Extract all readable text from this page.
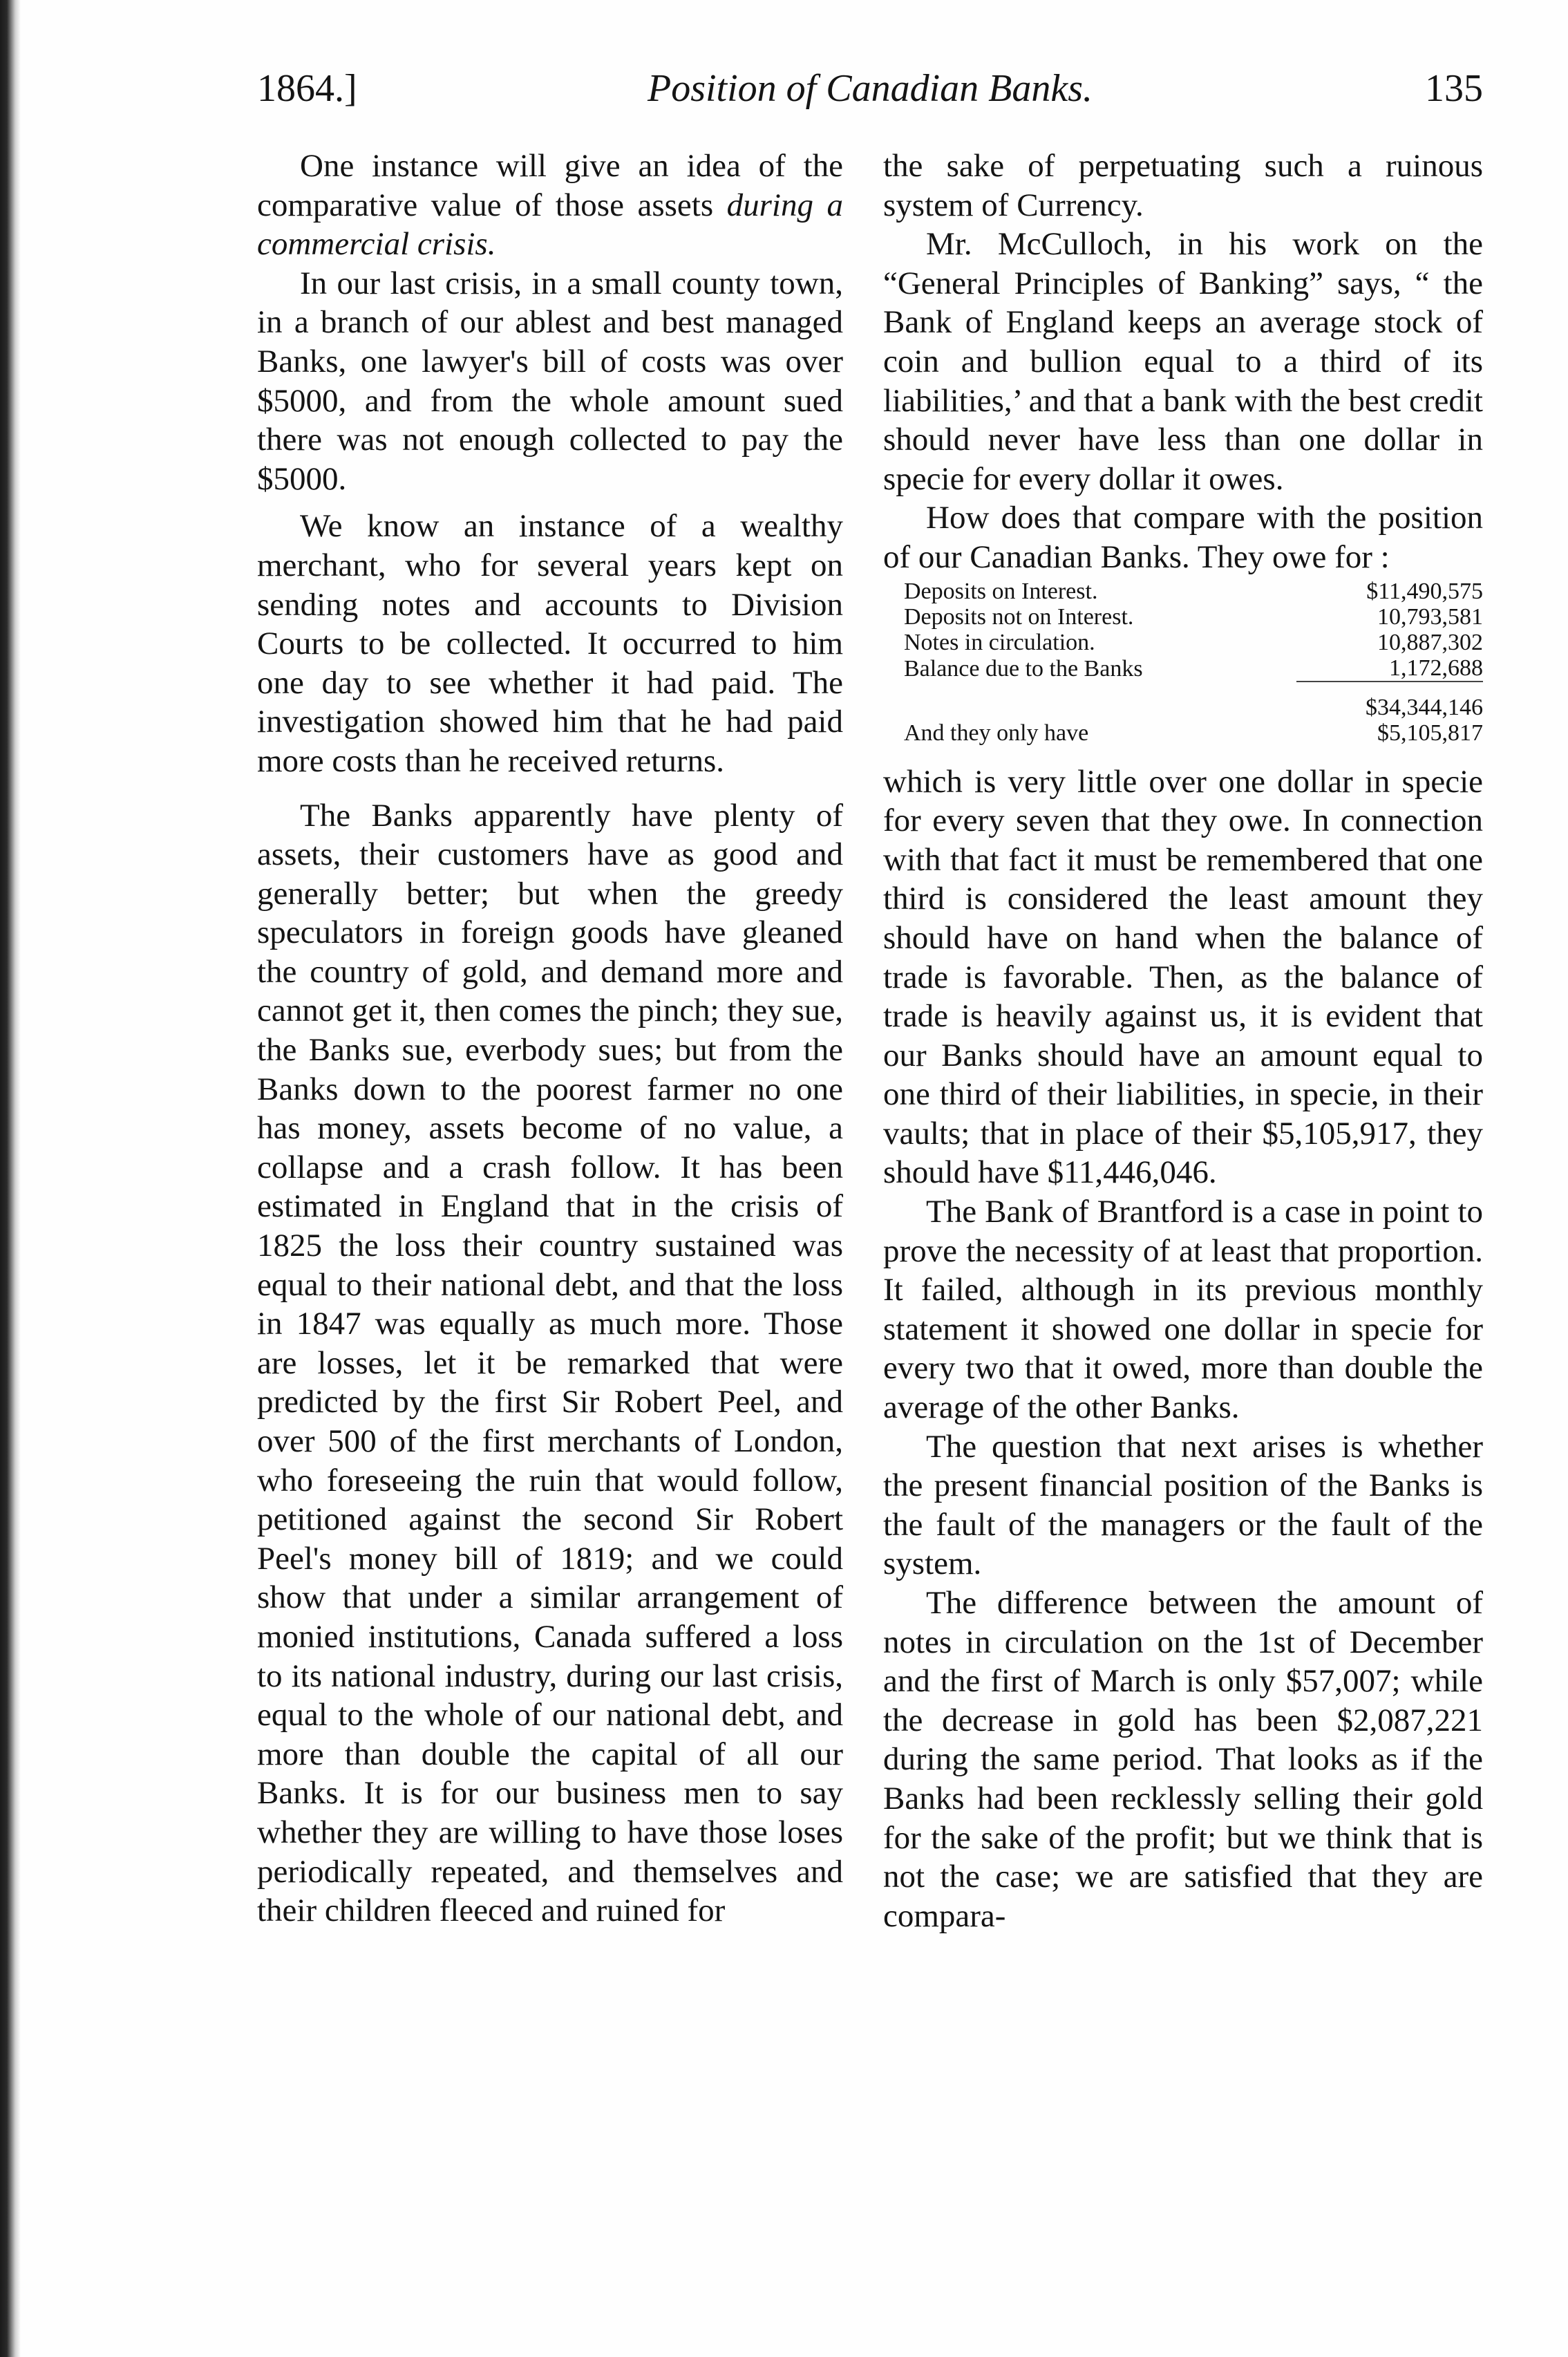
1864.]	Position of Canadian Banks.	135

One instance will give an idea of the comparative value of those assets during a commercial crisis.

In our last crisis, in a small county town, in a branch of our ablest and best managed Banks, one lawyer's bill of costs was over $5000, and from the whole amount sued there was not enough collected to pay the $5000.

We know an instance of a wealthy merchant, who for several years kept on sending notes and accounts to Division Courts to be collected. It occurred to him one day to see whether it had paid. The investigation showed him that he had paid more costs than he received returns.

The Banks apparently have plenty of assets, their customers have as good and generally better; but when the greedy speculators in foreign goods have gleaned the country of gold, and demand more and cannot get it, then comes the pinch; they sue, the Banks sue, everbody sues; but from the Banks down to the poorest farmer no one has money, assets become of no value, a collapse and a crash follow. It has been estimated in England that in the crisis of 1825 the loss their country sustained was equal to their national debt, and that the loss in 1847 was equally as much more. Those are losses, let it be remarked that were predicted by the first Sir Robert Peel, and over 500 of the first merchants of London, who foreseeing the ruin that would follow, petitioned against the second Sir Robert Peel's money bill of 1819; and we could show that under a similar arrangement of monied institutions, Canada suffered a loss to its national industry, during our last crisis, equal to the whole of our national debt, and more than double the capital of all our Banks. It is for our business men to say whether they are willing to have those loses periodically repeated, and themselves and their children fleeced and ruined for

the sake of perpetuating such a ruinous system of Currency.

Mr. McCulloch, in his work on the “General Principles of Banking” says, “ the Bank of England keeps an average stock of coin and bullion equal to a third of its liabilities,’ and that a bank with the best credit should never have less than one dollar in specie for every dollar it owes.

How does that compare with the position of our Canadian Banks. They owe for :

Deposits on Interest.	$11,490,575
Deposits not on Interest.	10,793,581
Notes in circulation.	10,887,302
Balance due to the Banks	1,172,688
	$34,344,146
And they only have	$5,105,817

which is very little over one dollar in specie for every seven that they owe. In connection with that fact it must be remembered that one third is considered the least amount they should have on hand when the balance of trade is favorable. Then, as the balance of trade is heavily against us, it is evident that our Banks should have an amount equal to one third of their liabilities, in specie, in their vaults; that in place of their $5,105,917, they should have $11,446,046.

The Bank of Brantford is a case in point to prove the necessity of at least that proportion. It failed, although in its previous monthly statement it showed one dollar in specie for every two that it owed, more than double the average of the other Banks.

The question that next arises is whether the present financial position of the Banks is the fault of the managers or the fault of the system.

The difference between the amount of notes in circulation on the 1st of December and the first of March is only $57,007; while the decrease in gold has been $2,087,221 during the same period. That looks as if the Banks had been recklessly selling their gold for the sake of the profit; but we think that is not the case; we are satisfied that they are compara-
